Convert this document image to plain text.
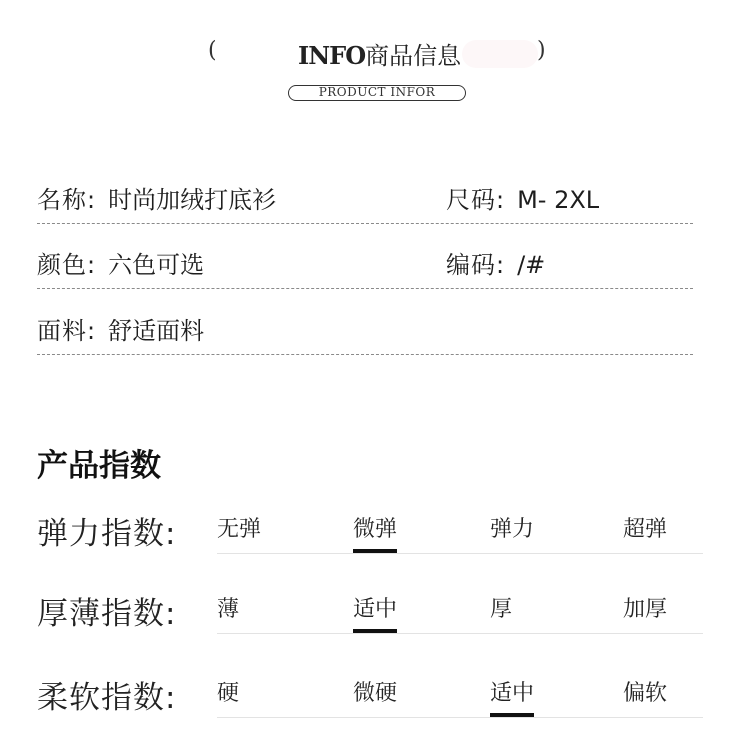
(	INFO商品信息	)
PRODUCT INFOR
名称: 时尚加绒打底衫	尺码: M- 2XL
颜色: 六色可选	编码: /#
面料: 舒适面料
产品指数
弹力指数: 无弹	微弹	弹力	超弹
厚薄指数: 薄	适中	厚	加厚
柔软指数: 硬	微硬	适中	偏软
